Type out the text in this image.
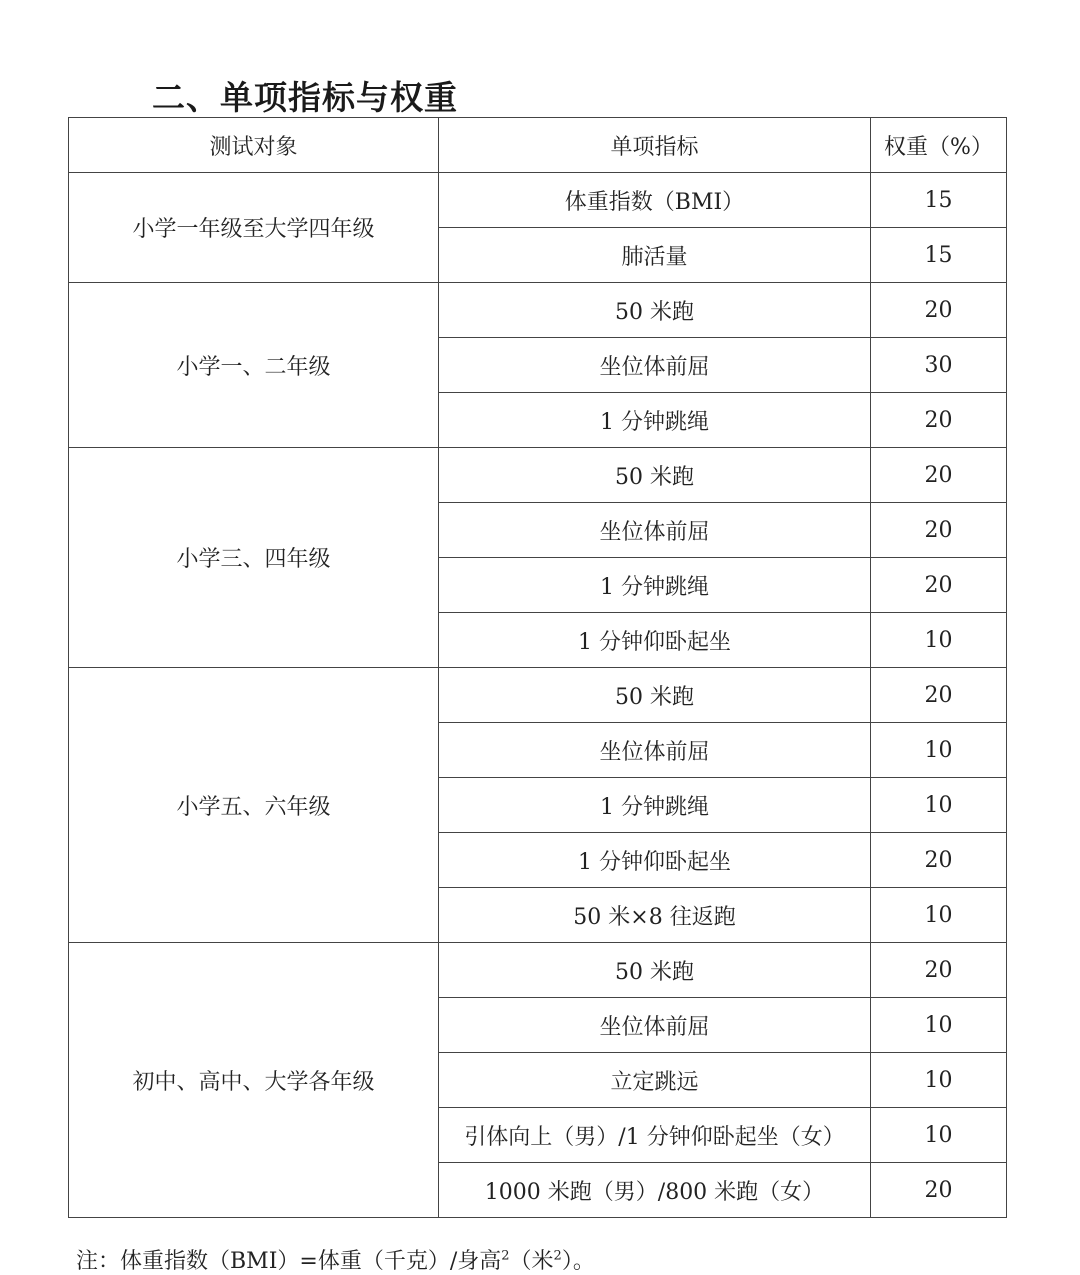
二、单项指标与权重
测试对象	单项指标	权重（%）
小学一年级至大学四年级	体重指数（BMI）	15
	肺活量	15
小学一、二年级	50 米跑	20
	坐位体前屈	30
	1 分钟跳绳	20
小学三、四年级	50 米跑	20
	坐位体前屈	20
	1 分钟跳绳	20
	1 分钟仰卧起坐	10
小学五、六年级	50 米跑	20
	坐位体前屈	10
	1 分钟跳绳	10
	1 分钟仰卧起坐	20
	50 米×8 往返跑	10
初中、高中、大学各年级	50 米跑	20
	坐位体前屈	10
	立定跳远	10
	引体向上（男）/1 分钟仰卧起坐（女）	10
	1000 米跑（男）/800 米跑（女）	20
注：体重指数（BMI）=体重（千克）/身高$^2$（米$^2$）。
